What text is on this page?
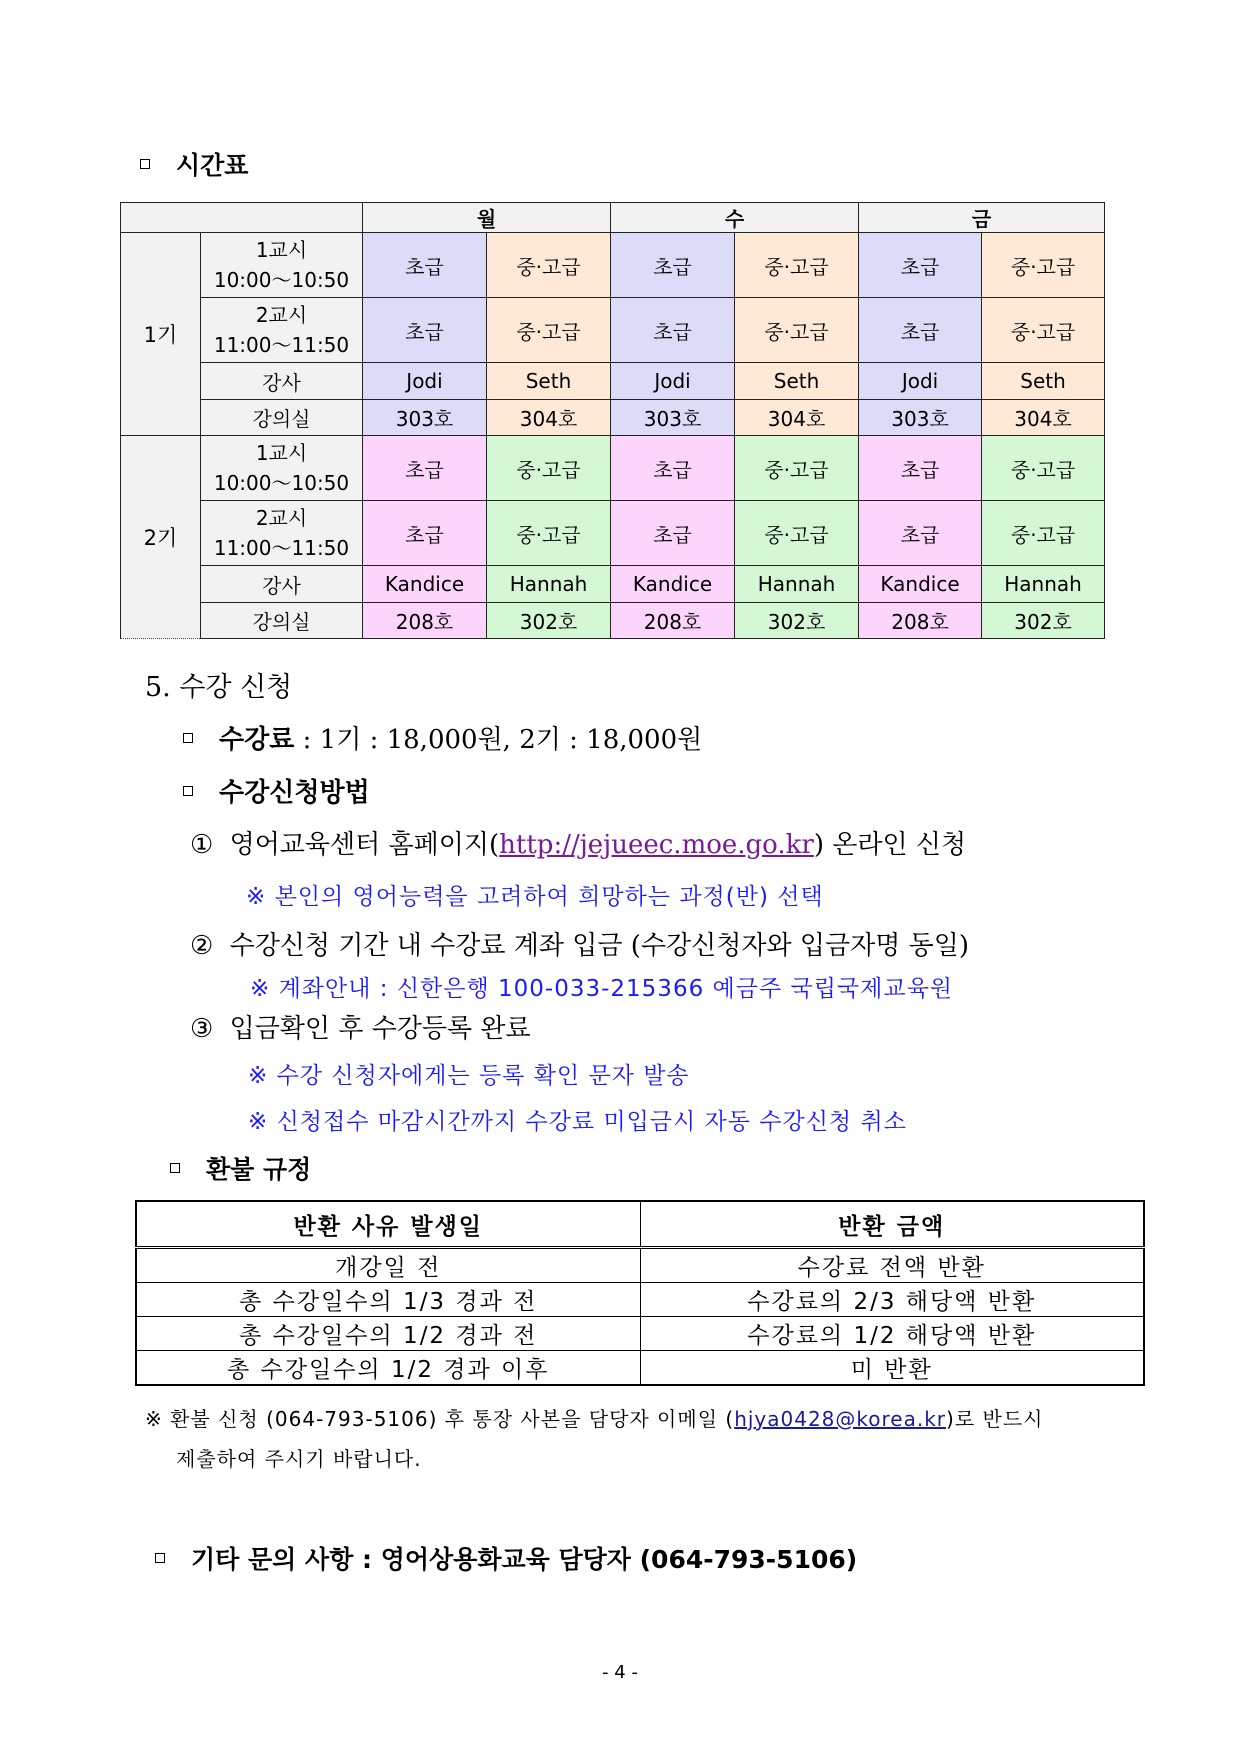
시간표
		월		수		금	
1기	1교시
10:00～10:50	초급	중·고급	초급	중·고급	초급	중·고급

	2교시
11:00～11:50	초급	중·고급	초급	중·고급	초급	중·고급
	강사	Jodi	Seth	Jodi	Seth	Jodi	Seth
	강의실	303호	304호	303호	304호	303호	304호
2기	1교시
10:00～10:50	초급	중·고급	초급	중·고급	초급	중·고급

	2교시
11:00～11:50	초급	중·고급	초급	중·고급	초급	중·고급
	강사	Kandice	Hannah	Kandice	Hannah	Kandice	Hannah
	강의실	208호	302호	208호	302호	208호	302호
5. 수강 신청
수강료 : 1기 : 18,000원, 2기 : 18,000원
수강신청방법
① 영어교육센터 홈페이지(http://jejueec.moe.go.kr) 온라인 신청
※ 본인의 영어능력을 고려하여 희망하는 과정(반) 선택
② 수강신청 기간 내 수강료 계좌 입금 (수강신청자와 입금자명 동일)
※ 계좌안내 : 신한은행 100-033-215366 예금주 국립국제교육원
③ 입금확인 후 수강등록 완료
※ 수강 신청자에게는 등록 확인 문자 발송
※ 신청접수 마감시간까지 수강료 미입금시 자동 수강신청 취소
환불 규정
반환 사유 발생일	반환 금액
개강일 전	수강료 전액 반환
총 수강일수의 1/3 경과 전	수강료의 2/3 해당액 반환
총 수강일수의 1/2 경과 전	수강료의 1/2 해당액 반환
총 수강일수의 1/2 경과 이후	미 반환
※ 환불 신청 (064-793-5106) 후 통장 사본을 담당자 이메일 (hjya0428@korea.kr)로 반드시
제출하여 주시기 바랍니다.
기타 문의 사항 : 영어상용화교육 담당자 (064-793-5106)
- 4 -
